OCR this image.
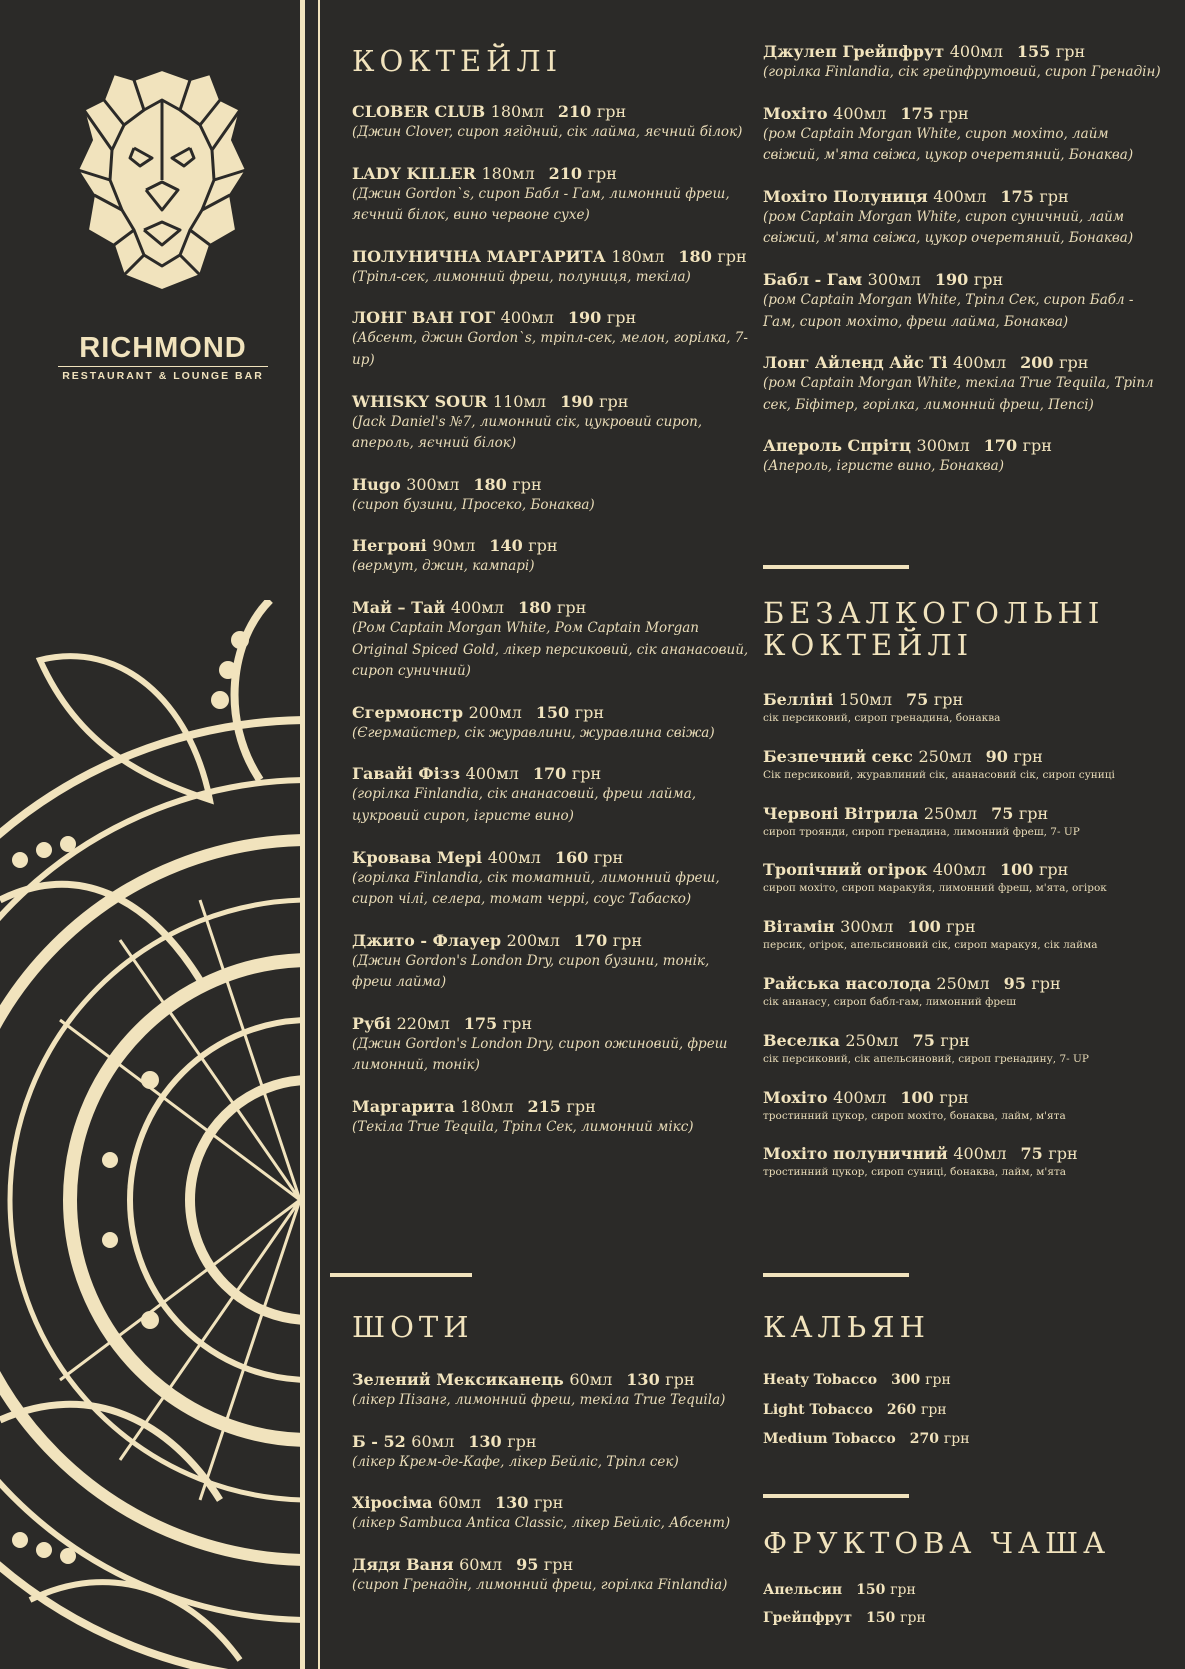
RICHMOND
RESTAURANT & LOUNGE BAR
КОКТЕЙЛІ
CLOBER CLUB 180мл 210 грн
(Джин Clover, сироп ягідний, сік лайма, яєчний білок)
LADY KILLER 180мл 210 грн
(Джин Gordon`s, сироп Бабл - Гам, лимонний фреш, яєчний білок, вино червоне сухе)
ПОЛУНИЧНА МАРГАРИТА 180мл 180 грн
(Тріпл-сек, лимонний фреш, полуниця, текіла)
ЛОНГ ВАН ГОГ 400мл 190 грн
(Абсент, джин Gordon`s, тріпл-сек, мелон, горілка, 7-up)
WHISKY SOUR 110мл 190 грн
(Jack Daniel's №7, лимонний сік, цукровий сироп, апероль, яєчний білок)
Hugo 300мл 180 грн
(сироп бузини, Просеко, Бонаква)
Негроні 90мл 140 грн
(вермут, джин, кампарі)
Май – Тай 400мл 180 грн
(Ром Captain Morgan White, Ром Captain Morgan Original Spiced Gold, лікер персиковий, сік ананасовий, сироп суничний)
Єгермонстр 200мл 150 грн
(Єгермайстер, сік журавлини, журавлина свіжа)
Гавайі Фізз 400мл 170 грн
(горілка Finlandia, сік ананасовий, фреш лайма, цукровий сироп, ігристе вино)
Кровава Мері 400мл 160 грн
(горілка Finlandia, сік томатний, лимонний фреш, сироп чілі, селера, томат черрі, соус Табаско)
Джито - Флауер 200мл 170 грн
(Джин Gordon's London Dry, сироп бузини, тонік, фреш лайма)
Рубі 220мл 175 грн
(Джин Gordon's London Dry, сироп ожиновий, фреш лимонний, тонік)
Маргарита 180мл 215 грн
(Текіла True Tequila, Тріпл Сек, лимонний мікс)
ШОТИ
Зелений Мексиканець 60мл 130 грн
(лікер Пізанг, лимонний фреш, текіла True Tequila)
Б - 52 60мл 130 грн
(лікер Крем-де-Кафе, лікер Бейліс, Тріпл сек)
Хіросіма 60мл 130 грн
(лікер Sambuca Antica Classic, лікер Бейліс, Абсент)
Дядя Ваня 60мл 95 грн
(сироп Гренадін, лимонний фреш, горілка Finlandia)
Джулеп Грейпфрут 400мл 155 грн
(горілка Finlandia, сік грейпфрутовий, сироп Гренадін)
Мохіто 400мл 175 грн
(ром Captain Morgan White, сироп мохіто, лайм свіжий, м'ята свіжа, цукор очеретяний, Бонаква)
Мохіто Полуниця 400мл 175 грн
(ром Captain Morgan White, сироп суничний, лайм свіжий, м'ята свіжа, цукор очеретяний, Бонаква)
Бабл - Гам 300мл 190 грн
(ром Captain Morgan White, Тріпл Сек, сироп Бабл - Гам, сироп мохіто, фреш лайма, Бонаква)
Лонг Айленд Айс Ті 400мл 200 грн
(ром Captain Morgan White, текіла True Tequila, Тріпл сек, Біфітер, горілка, лимонний фреш, Пепсі)
Апероль Спрітц 300мл 170 грн
(Апероль, ігристе вино, Бонаква)
БЕЗАЛКОГОЛЬНІ
КОКТЕЙЛІ
Белліні 150мл 75 грн
сік персиковий, сироп гренадина, бонаква
Безпечний секс 250мл 90 грн
Сік персиковий, журавлиний сік, ананасовий сік, сироп суниці
Червоні Вітрила 250мл 75 грн
сироп троянди, сироп гренадина, лимонний фреш, 7- UP
Тропічний огірок 400мл 100 грн
сироп мохіто, сироп маракуйя, лимонний фреш, м'ята, огірок
Вітамін 300мл 100 грн
персик, огірок, апельсиновий сік, сироп маракуя, сік лайма
Райська насолода 250мл 95 грн
сік ананасу, сироп бабл-гам, лимонний фреш
Веселка 250мл 75 грн
сік персиковий, сік апельсиновий, сироп гренадину, 7- UP
Мохіто 400мл 100 грн
тростинний цукор, сироп мохіто, бонаква, лайм, м'ята
Мохіто полуничний 400мл 75 грн
тростинний цукор, сироп суниці, бонаква, лайм, м'ята
КАЛЬЯН
Heaty Tobacco 300 грн
Light Tobacco 260 грн
Medium Tobacco 270 грн
ФРУКТОВА ЧАША
Апельсин 150 грн
Грейпфрут 150 грн
